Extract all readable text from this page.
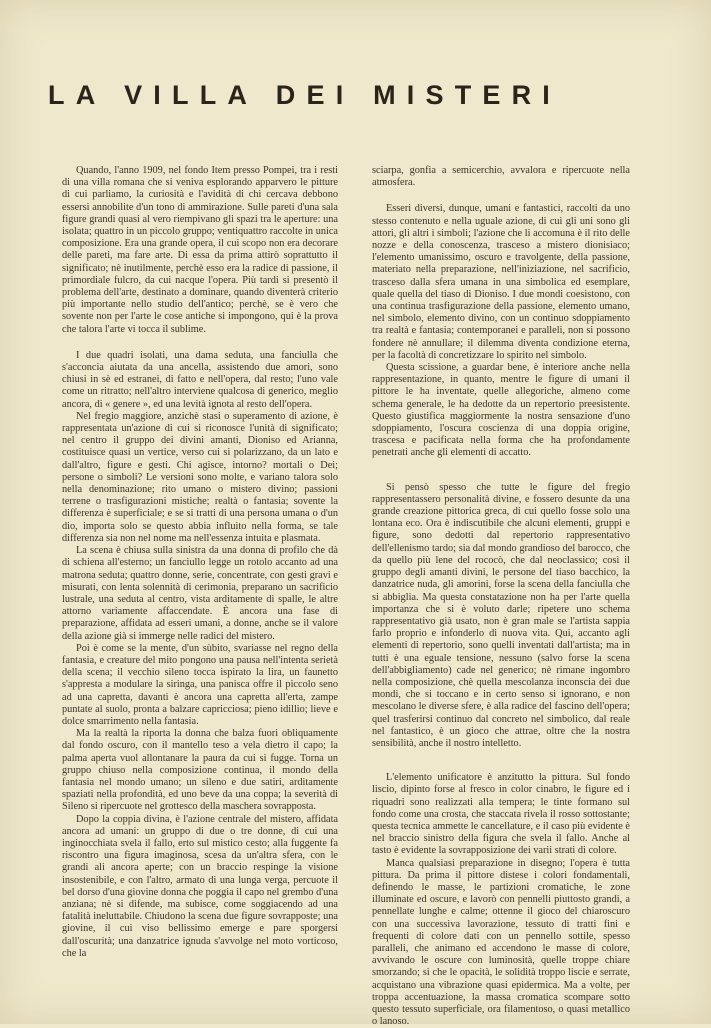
LA VILLA DEI MISTERI

Quando, l'anno 1909, nel fondo Item presso Pompei, tra i resti di una villa romana che si veniva esplorando apparvero le pitture di cui parliamo, la curiosità e l'avidità di chi cercava debbono essersi annobilite d'un tono di ammirazione. Sulle pareti d'una sala figure grandi quasi al vero riempivano gli spazi tra le aperture: una isolata; quattro in un piccolo gruppo; ventiquattro raccolte in unica composizione. Era una grande opera, il cui scopo non era decorare delle pareti, ma fare arte. Di essa da prima attirò soprattutto il significato; nè inutilmente, perchè esso era la radice di passione, il primordiale fulcro, da cui nacque l'opera. Più tardi si presentò il problema dell'arte, destinato a dominare, quando diventerà criterio più importante nello studio dell'antico; perchè, se è vero che sovente non per l'arte le cose antiche si impongono, qui è la prova che talora l'arte vi tocca il sublime.

I due quadri isolati, una dama seduta, una fanciulla che s'acconcia aiutata da una ancella, assistendo due amori, sono chiusi in sè ed estranei, di fatto e nell'opera, dal resto; l'uno vale come un ritratto; nell'altro interviene qualcosa di generico, meglio ancora, di « genere », ed una levità ignota al resto dell'opera.

Nel fregio maggiore, anzichè stasi o superamento di azione, è rappresentata un'azione di cui si riconosce l'unità di significato; nel centro il gruppo dei divini amanti, Dioniso ed Arianna, costituisce quasi un vertice, verso cui si polarizzano, da un lato e dall'altro, figure e gesti. Chi agisce, intorno? mortali o Dei; persone o simboli? Le versioni sono molte, e variano talora solo nella denominazione; rito umano o mistero divino; passioni terrene o trasfigurazioni mistiche; realtà o fantasia; sovente la differenza è superficiale; e se si tratti di una persona umana o d'un dio, importa solo se questo abbia influito nella forma, se tale differenza sia non nel nome ma nell'essenza intuita e plasmata.

La scena è chiusa sulla sinistra da una donna di profilo che dà di schiena all'esterno; un fanciullo legge un rotolo accanto ad una matrona seduta; quattro donne, serie, concentrate, con gesti gravi e misurati, con lenta solennità di cerimonia, preparano un sacrificio lustrale, una seduta al centro, vista arditamente di spalle, le altre attorno variamente affaccendate. È ancora una fase di preparazione, affidata ad esseri umani, a donne, anche se il valore della azione già si immerge nelle radici del mistero.

Poi è come se la mente, d'un sùbito, svariasse nel regno della fantasia, e creature del mito pongono una pausa nell'intenta serietà della scena; il vecchio sileno tocca ispirato la lira, un faunetto s'appresta a modulare la siringa, una panisca offre il piccolo seno ad una capretta, davanti è ancora una capretta all'erta, zampe puntate al suolo, pronta a balzare capricciosa; pieno idillio; lieve e dolce smarrimento nella fantasia.

Ma la realtà la riporta la donna che balza fuori obliquamente dal fondo oscuro, con il mantello teso a vela dietro il capo; la palma aperta vuol allontanare la paura da cui si fugge. Torna un gruppo chiuso nella composizione continua, il mondo della fantasia nel mondo umano; un sileno e due satiri, arditamente spaziati nella profondità, ed uno beve da una coppa; la severità di Sileno si ripercuote nel grottesco della maschera sovrapposta.

Dopo la coppia divina, è l'azione centrale del mistero, affidata ancora ad umani: un gruppo di due o tre donne, di cui una inginocchiata svela il fallo, erto sul mistico cesto; alla fuggente fa riscontro una figura imaginosa, scesa da un'altra sfera, con le grandi ali ancora aperte; con un braccio respinge la visione insostenibile, e con l'altro, armato di una lunga verga, percuote il bel dorso d'una giovine donna che poggia il capo nel grembo d'una anziana; nè si difende, ma subisce, come soggiacendo ad una fatalità ineluttabile. Chiudono la scena due figure sovrapposte; una giovine, il cui viso bellissimo emerge e pare sporgersi dall'oscurità; una danzatrice ignuda s'avvolge nel moto vorticoso, che la

sciarpa, gonfia a semicerchio, avvalora e ripercuote nella atmosfera.

Esseri diversi, dunque, umani e fantastici, raccolti da uno stesso contenuto e nella uguale azione, di cui gli uni sono gli attori, gli altri i simboli; l'azione che li accomuna è il rito delle nozze e della conoscenza, trasceso a mistero dionisiaco; l'elemento umanissimo, oscuro e travolgente, della passione, materiato nella preparazione, nell'iniziazione, nel sacrificio, trasceso dalla sfera umana in una simbolica ed esemplare, quale quella del tiaso di Dioniso. I due mondi coesistono, con una continua trasfigurazione della passione, elemento umano, nel simbolo, elemento divino, con un continuo sdoppiamento tra realtà e fantasia; contemporanei e paralleli, non si possono fondere nè annullare; il dilemma diventa condizione eterna, per la facoltà di concretizzare lo spirito nel simbolo.

Questa scissione, a guardar bene, è interiore anche nella rappresentazione, in quanto, mentre le figure di umani il pittore le ha inventate, quelle allegoriche, almeno come schema generale, le ha dedotte da un repertorio preesistente. Questo giustifica maggiormente la nostra sensazione d'uno sdoppiamento, l'oscura coscienza di una doppia origine, trascesa e pacificata nella forma che ha profondamente penetrati anche gli elementi di accatto.

Si pensò spesso che tutte le figure del fregio rappresentassero personalità divine, e fossero desunte da una grande creazione pittorica greca, di cui quello fosse solo una lontana eco. Ora è indiscutibile che alcuni elementi, gruppi e figure, sono dedotti dal repertorio rappresentativo dell'ellenismo tardo; sia dal mondo grandioso del barocco, che da quello più lene del rococò, che dal neoclassico; così il gruppo degli amanti divini, le persone del tiaso bacchico, la danzatrice nuda, gli amorini, forse la scena della fanciulla che si abbiglia. Ma questa constatazione non ha per l'arte quella importanza che si è voluto darle; ripetere uno schema rappresentativo già usato, non è gran male se l'artista sappia farlo proprio e infonderlo di nuova vita. Qui, accanto agli elementi di repertorio, sono quelli inventati dall'artista; ma in tutti è una eguale tensione, nessuno (salvo forse la scena dell'abbigliamento) cade nel generico; nè rimane ingombro nella composizione, chè quella mescolanza inconscia dei due mondi, che si toccano e in certo senso si ignorano, e non mescolano le diverse sfere, è alla radice del fascino dell'opera; quel trasferirsi continuo dal concreto nel simbolico, dal reale nel fantastico, è un gioco che attrae, oltre che la nostra sensibilità, anche il nostro intelletto.

L'elemento unificatore è anzitutto la pittura. Sul fondo liscio, dipinto forse al fresco in color cinabro, le figure ed i riquadri sono realizzati alla tempera; le tinte formano sul fondo come una crosta, che staccata rivela il rosso sottostante; questa tecnica ammette le cancellature, e il caso più evidente è nel braccio sinistro della figura che svela il fallo. Anche al tasto è evidente la sovrapposizione dei varii strati di colore.

Manca qualsiasi preparazione in disegno; l'opera è tutta pittura. Da prima il pittore distese i colori fondamentali, definendo le masse, le partizioni cromatiche, le zone illuminate ed oscure, e lavorò con pennelli piuttosto grandi, a pennellate lunghe e calme; ottenne il gioco del chiaroscuro con una successiva lavorazione, tessuto di tratti fini e frequenti di colore dati con un pennello sottile, spesso paralleli, che animano ed accendono le masse di colore, avvivando le oscure con luminosità, quelle troppe chiare smorzando; sì che le opacità, le solidità troppo liscie e serrate, acquistano una vibrazione quasi epidermica. Ma a volte, per troppa accentuazione, la massa cromatica scompare sotto questo tessuto superficiale, ora filamentoso, o quasi metallico o lanoso.
